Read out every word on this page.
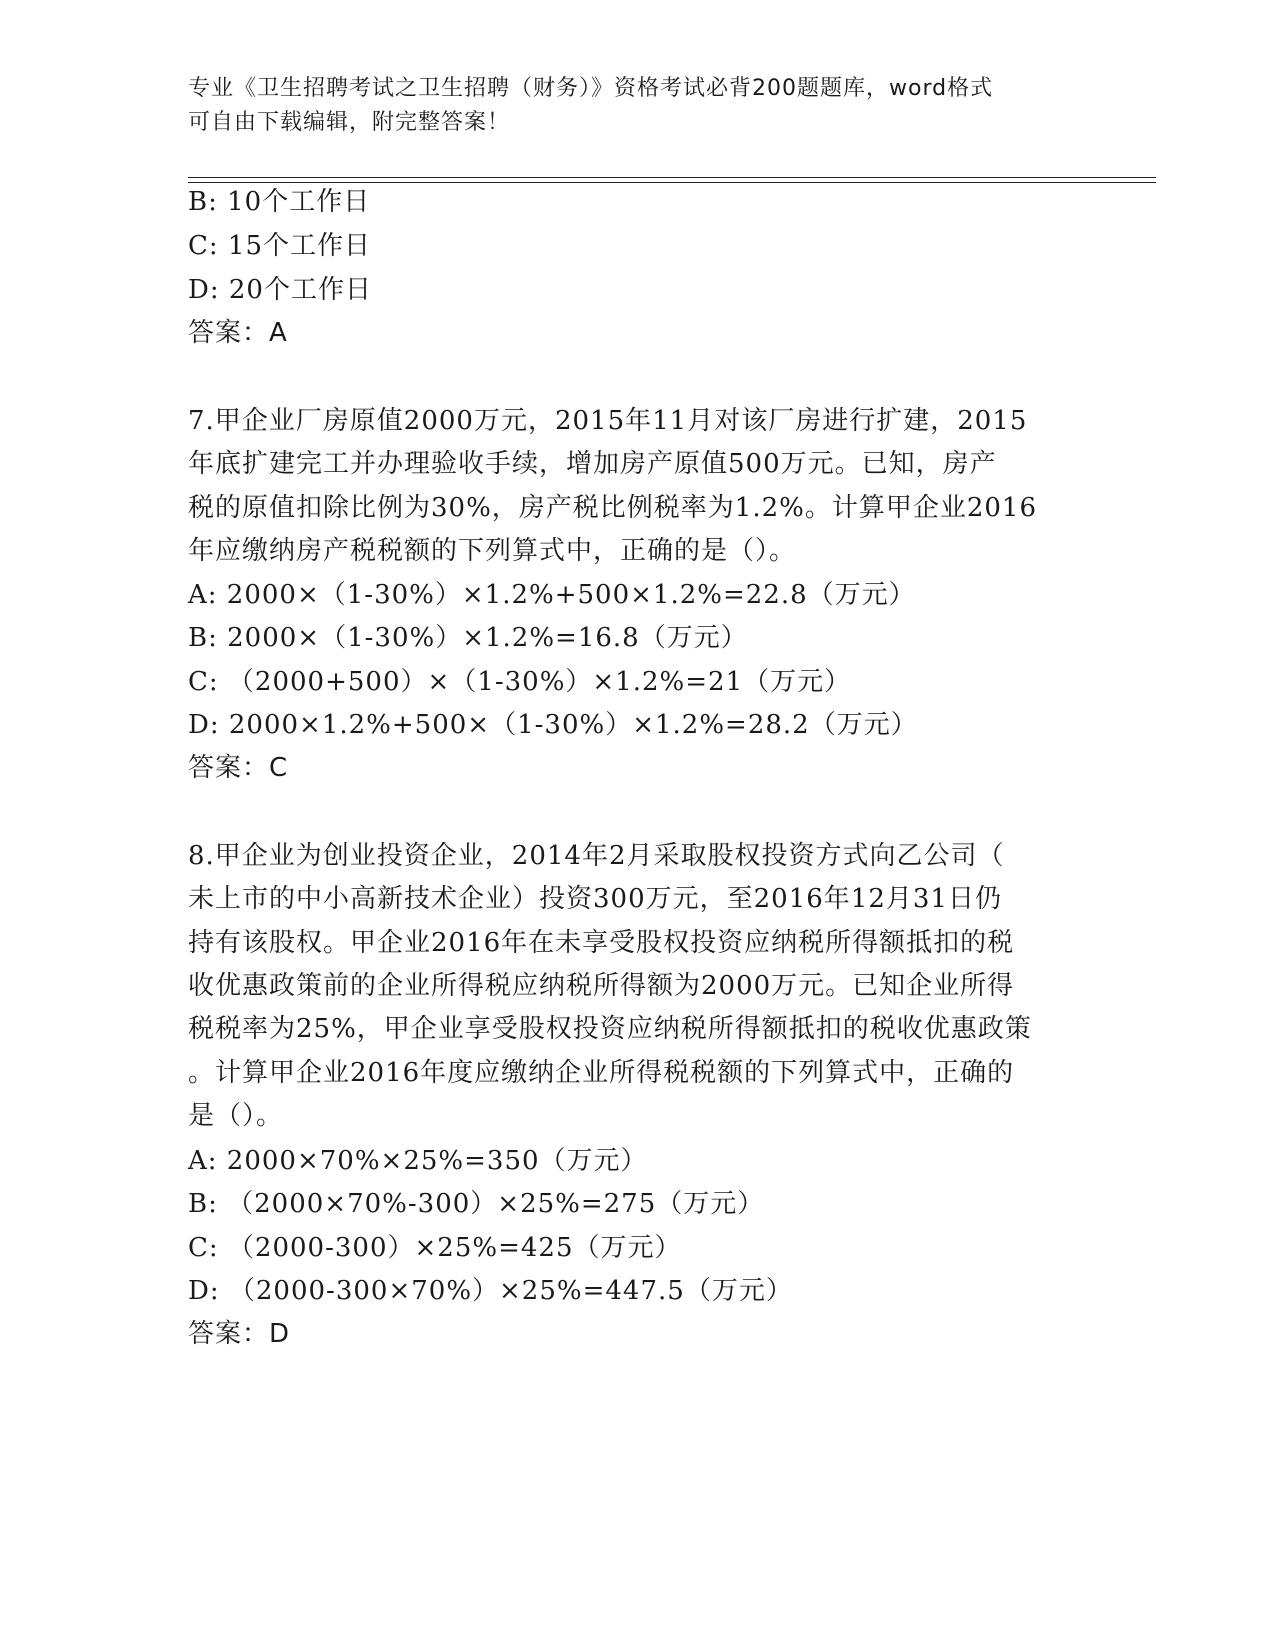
专业《卫生招聘考试之卫生招聘（财务）》资格考试必背200题题库，word格式
可自由下载编辑，附完整答案！
B: 10个工作日
C: 15个工作日
D: 20个工作日
答案：A
7.甲企业厂房原值2000万元，2015年11月对该厂房进行扩建，2015
年底扩建完工并办理验收手续，增加房产原值500万元。已知，房产
税的原值扣除比例为30%，房产税比例税率为1.2%。计算甲企业2016
年应缴纳房产税税额的下列算式中，正确的是（）。
A: 2000×（1-30%）×1.2%+500×1.2%=22.8（万元）
B: 2000×（1-30%）×1.2%=16.8（万元）
C: （2000+500）×（1-30%）×1.2%=21（万元）
D: 2000×1.2%+500×（1-30%）×1.2%=28.2（万元）
答案：C
8.甲企业为创业投资企业，2014年2月采取股权投资方式向乙公司（
未上市的中小高新技术企业）投资300万元，至2016年12月31日仍
持有该股权。甲企业2016年在未享受股权投资应纳税所得额抵扣的税
收优惠政策前的企业所得税应纳税所得额为2000万元。已知企业所得
税税率为25%，甲企业享受股权投资应纳税所得额抵扣的税收优惠政策
。计算甲企业2016年度应缴纳企业所得税税额的下列算式中，正确的
是（）。
A: 2000×70%×25%=350（万元）
B: （2000×70%-300）×25%=275（万元）
C: （2000-300）×25%=425（万元）
D: （2000-300×70%）×25%=447.5（万元）
答案：D
